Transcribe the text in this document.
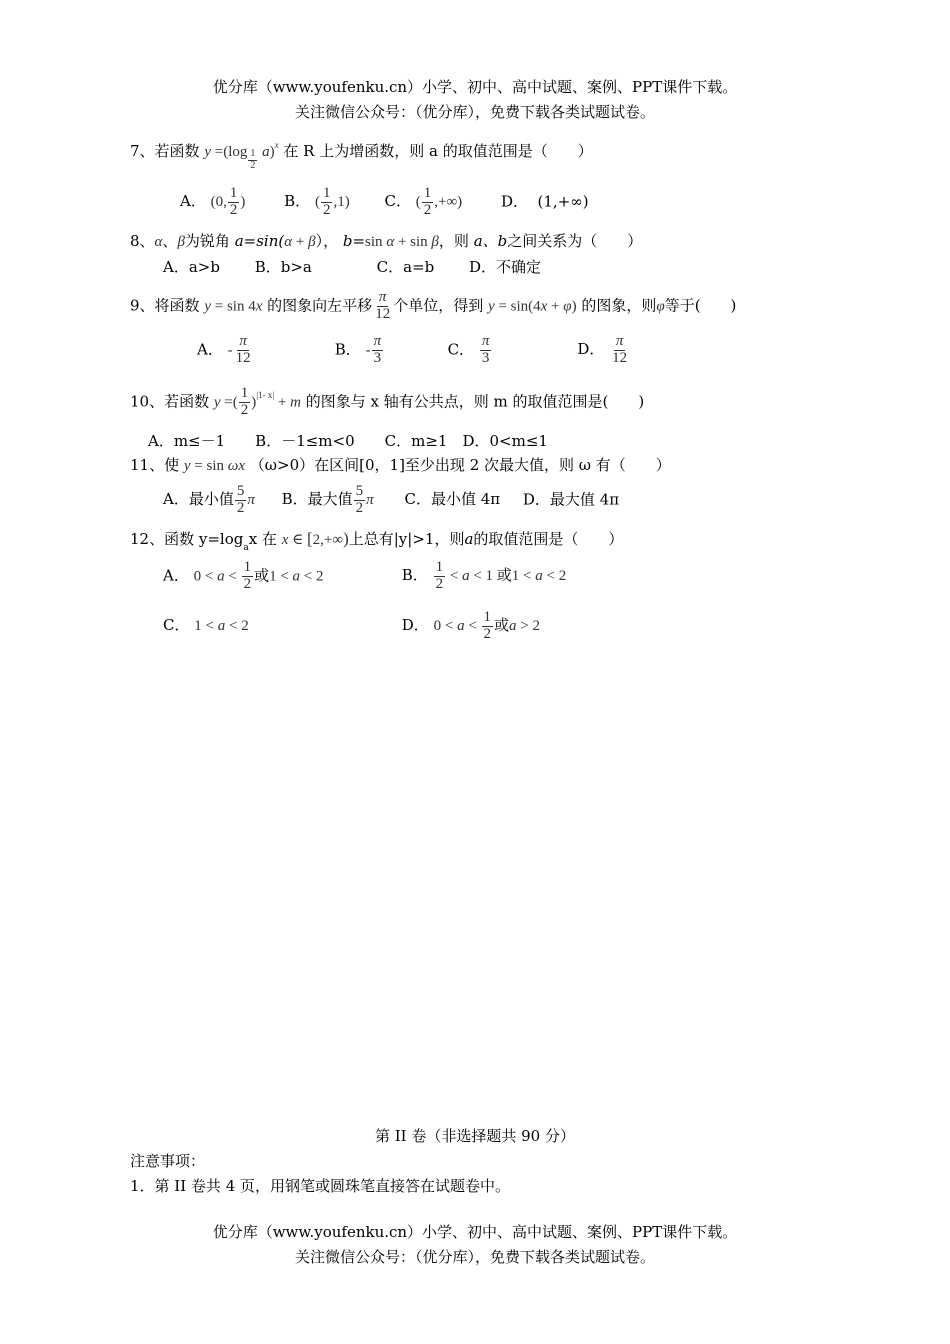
优分库（www.youfenku.cn）小学、初中、高中试题、案例、PPT课件下载。
关注微信公众号：（优分库），免费下载各类试题试卷。
7、若函数 $y =(\log \frac{1}{2} a)^x$ 在 R 上为增函数，则 a 的取值范围是（　　）
A． (0, $\frac{1}{2}$ )	B． ( $\frac{1}{2} ,1$) C． ( $\frac{1}{2}$ ,+∞)	D． (1,+∞)
8、α、β为锐角 a=sin(α + β）， b=sin α + sin β，则 a、b之间关系为（　　）
A．a>b B．b>a	C．a=b D．不确定
9、将函数 y = sin 4x 的图象向左平移 $\frac{\pi}{12}$ 个单位，得到 y = sin(4x + φ) 的图象，则φ等于(　　)
A． - $\frac{\pi}{12}$	B． - $\frac{\pi}{3}$	C． $\frac{\pi}{3}$	D． $\frac{\pi}{12}$
10、若函数 y =( $\frac{1}{2} )^{|1- x|} + m$ 的图象与 x 轴有公共点，则 m 的取值范围是(　　)
A．m≤－1　　B．－1≤m<0　　C．m≥1　D．0<m≤1
11、使 y = sin ωx （ω>0）在区间[0，1]至少出现 2 次最大值，则 ω 有（　　）
A．最小值 $\frac{5}{2}$ π B．最大值 $\frac{5}{2}$ π C．最小值 4π D．最大值 4π
12、函数 $y=\log_ax$ 在 x ∈ [2,+∞)上总有|y|>1，则a的取值范围是（　　）
A． $0 < a < \frac{1}{2}$ 或1 < a < 2	B． $\frac{1}{2} < a < 1$ 或1 < a < 2
C． 1 < a < 2	D． $0 < a < \frac{1}{2}$ 或a > 2
第 II 卷（非选择题共 90 分）
注意事项：
1．第 II 卷共 4 页，用钢笔或圆珠笔直接答在试题卷中。
优分库（www.youfenku.cn）小学、初中、高中试题、案例、PPT课件下载。
关注微信公众号：（优分库），免费下载各类试题试卷。
